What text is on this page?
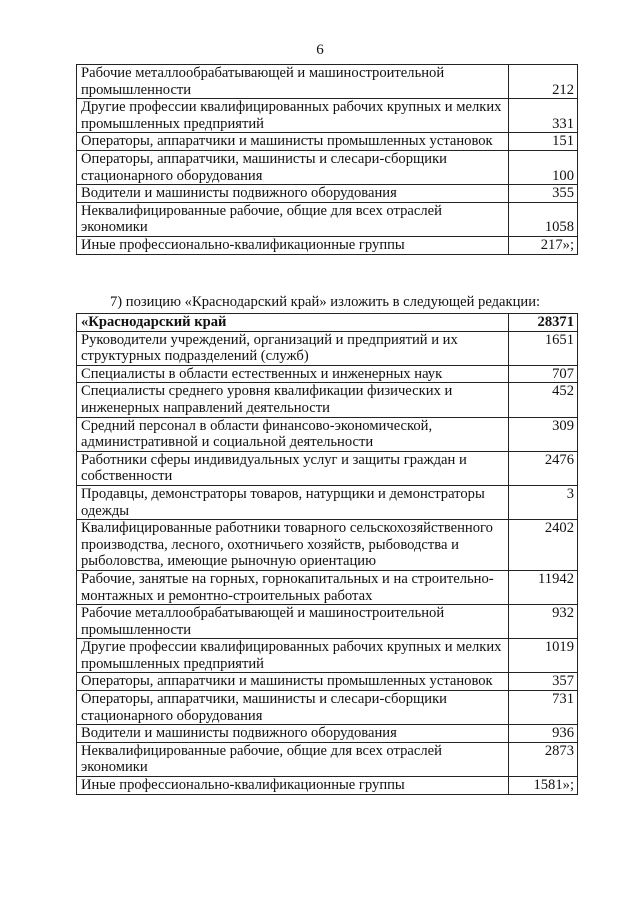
6
Рабочие металлообрабатывающей и машиностроительной промышленности	212
Другие профессии квалифицированных рабочих крупных и мелких промышленных предприятий	331
Операторы, аппаратчики и машинисты промышленных установок	151
Операторы, аппаратчики, машинисты и слесари-сборщики стационарного оборудования	100
Водители и машинисты подвижного оборудования	355
Неквалифицированные рабочие, общие для всех отраслей экономики	1058
Иные профессионально-квалификационные группы	217»;
7) позицию «Краснодарский край» изложить в следующей редакции:
«Краснодарский край	28371
Руководители учреждений, организаций и предприятий и их структурных подразделений (служб)	1651
Специалисты в области естественных и инженерных наук	707
Специалисты среднего уровня квалификации физических и инженерных направлений деятельности	452
Средний персонал в области финансово-экономической, административной и социальной деятельности	309
Работники сферы индивидуальных услуг и защиты граждан и собственности	2476
Продавцы, демонстраторы товаров, натурщики и демонстраторы одежды	3
Квалифицированные работники товарного сельскохозяйственного производства, лесного, охотничьего хозяйств, рыбоводства и рыболовства, имеющие рыночную ориентацию	2402
Рабочие, занятые на горных, горнокапитальных и на строительно-монтажных и ремонтно-строительных работах	11942
Рабочие металлообрабатывающей и машиностроительной промышленности	932
Другие профессии квалифицированных рабочих крупных и мелких промышленных предприятий	1019
Операторы, аппаратчики и машинисты промышленных установок	357
Операторы, аппаратчики, машинисты и слесари-сборщики стационарного оборудования	731
Водители и машинисты подвижного оборудования	936
Неквалифицированные рабочие, общие для всех отраслей экономики	2873
Иные профессионально-квалификационные группы	1581»;
